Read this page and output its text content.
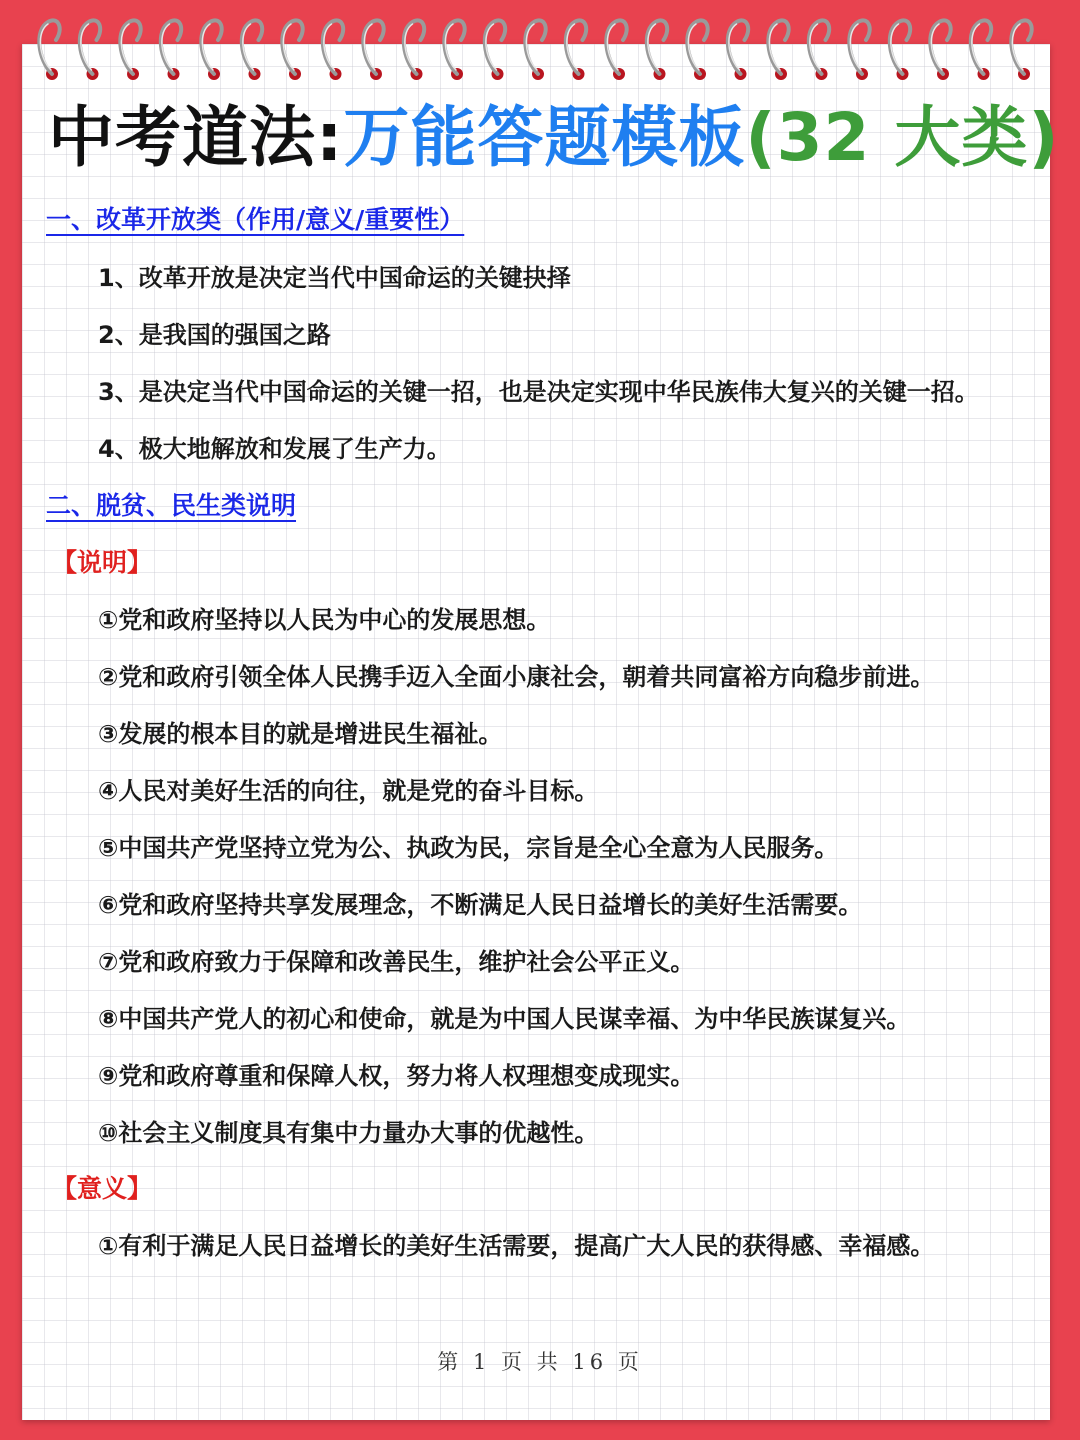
中考道法:万能答题模板(32 大类)
一、改革开放类（作用/意义/重要性）
1、改革开放是决定当代中国命运的关键抉择
2、是我国的强国之路
3、是决定当代中国命运的关键一招，也是决定实现中华民族伟大复兴的关键一招。
4、极大地解放和发展了生产力。
二、脱贫、民生类说明
【说明】
①党和政府坚持以人民为中心的发展思想。
②党和政府引领全体人民携手迈入全面小康社会，朝着共同富裕方向稳步前进。
③发展的根本目的就是增进民生福祉。
④人民对美好生活的向往，就是党的奋斗目标。
⑤中国共产党坚持立党为公、执政为民，宗旨是全心全意为人民服务。
⑥党和政府坚持共享发展理念，不断满足人民日益增长的美好生活需要。
⑦党和政府致力于保障和改善民生，维护社会公平正义。
⑧中国共产党人的初心和使命，就是为中国人民谋幸福、为中华民族谋复兴。
⑨党和政府尊重和保障人权，努力将人权理想变成现实。
⑩社会主义制度具有集中力量办大事的优越性。
【意义】
①有利于满足人民日益增长的美好生活需要，提高广大人民的获得感、幸福感。
第 1 页 共 16 页
